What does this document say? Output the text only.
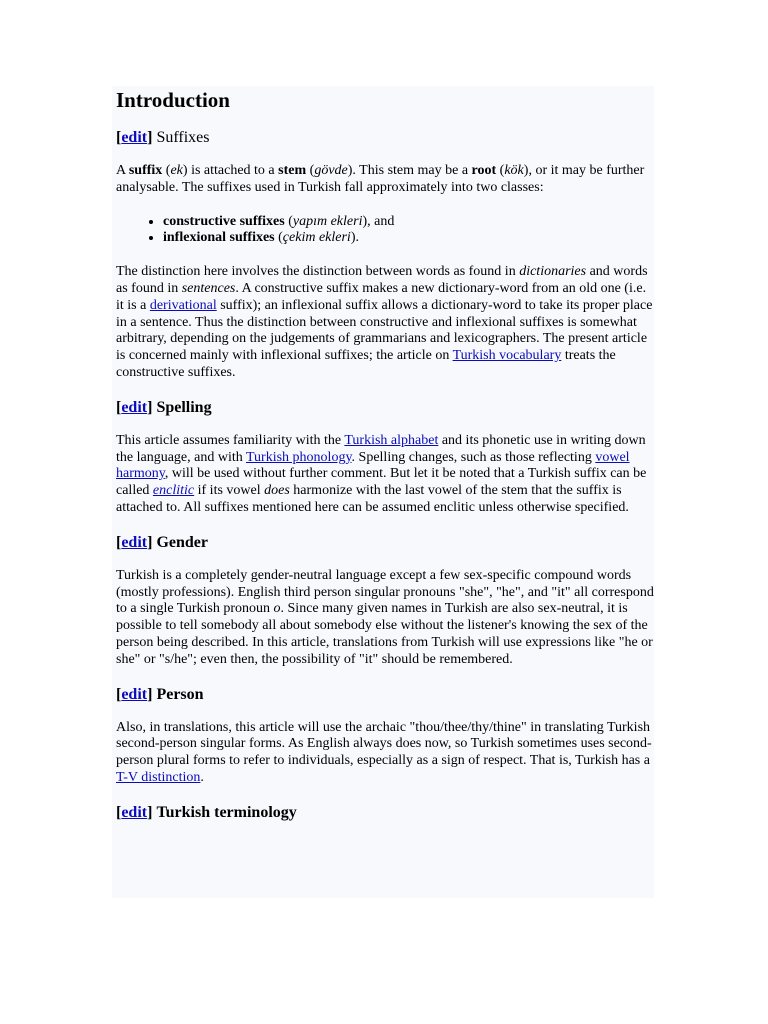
Introduction
[edit] Suffixes

A suffix (ek) is attached to a stem (gövde). This stem may be a root (kök), or it may be further analysable. The suffixes used in Turkish fall approximately into two classes:

• constructive suffixes (yapım ekleri), and
• inflexional suffixes (çekim ekleri).

The distinction here involves the distinction between words as found in dictionaries and words as found in sentences. A constructive suffix makes a new dictionary-word from an old one (i.e. it is a derivational suffix); an inflexional suffix allows a dictionary-word to take its proper place in a sentence. Thus the distinction between constructive and inflexional suffixes is somewhat arbitrary, depending on the judgements of grammarians and lexicographers. The present article is concerned mainly with inflexional suffixes; the article on Turkish vocabulary treats the constructive suffixes.

[edit] Spelling

This article assumes familiarity with the Turkish alphabet and its phonetic use in writing down the language, and with Turkish phonology. Spelling changes, such as those reflecting vowel harmony, will be used without further comment. But let it be noted that a Turkish suffix can be called enclitic if its vowel does harmonize with the last vowel of the stem that the suffix is attached to. All suffixes mentioned here can be assumed enclitic unless otherwise specified.

[edit] Gender

Turkish is a completely gender-neutral language except a few sex-specific compound words (mostly professions). English third person singular pronouns "she", "he", and "it" all correspond to a single Turkish pronoun o. Since many given names in Turkish are also sex-neutral, it is possible to tell somebody all about somebody else without the listener's knowing the sex of the person being described. In this article, translations from Turkish will use expressions like "he or she" or "s/he"; even then, the possibility of "it" should be remembered.

[edit] Person

Also, in translations, this article will use the archaic "thou/thee/thy/thine" in translating Turkish second-person singular forms. As English always does now, so Turkish sometimes uses second-person plural forms to refer to individuals, especially as a sign of respect. That is, Turkish has a T-V distinction.

[edit] Turkish terminology
